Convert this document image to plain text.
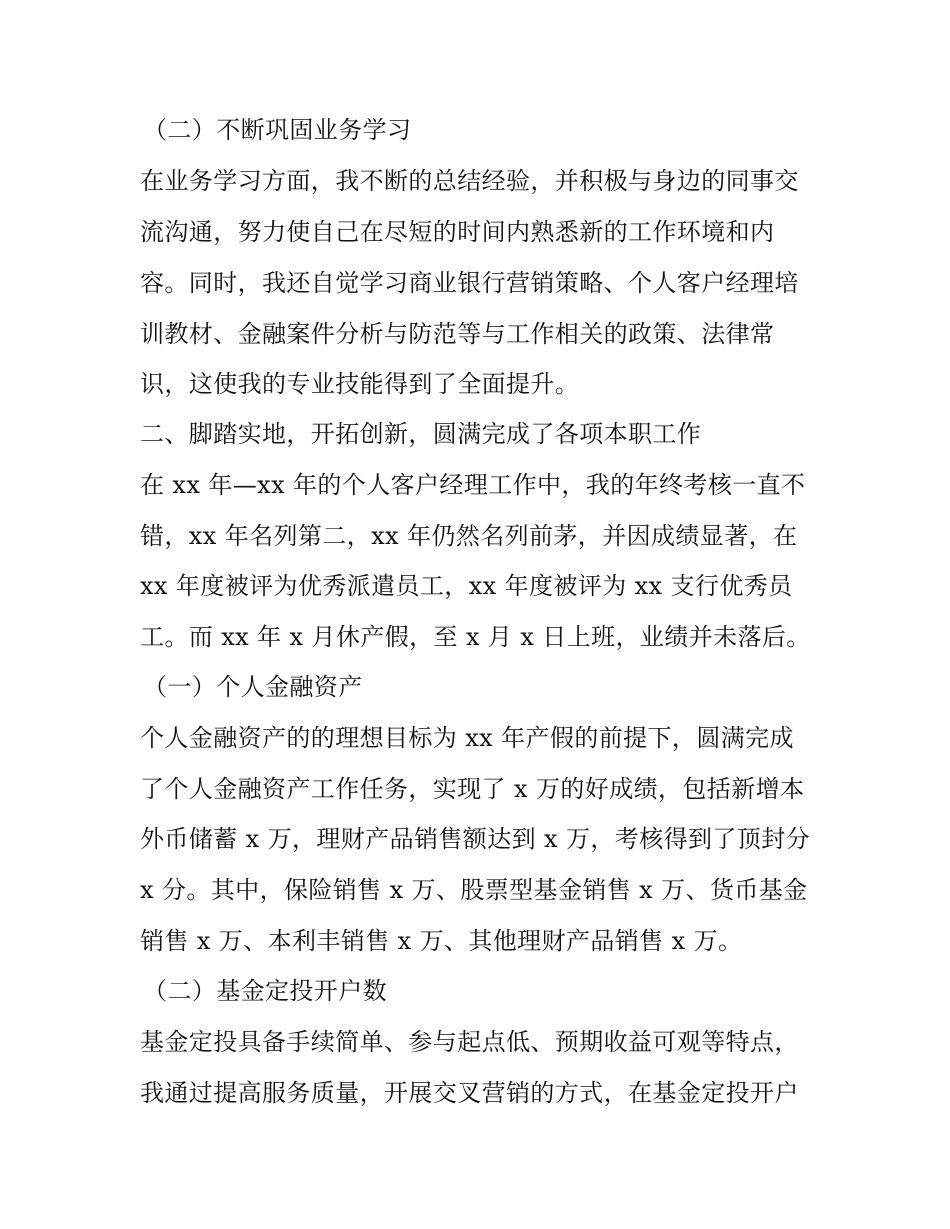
（二）不断巩固业务学习
在业务学习方面，我不断的总结经验，并积极与身边的同事交
流沟通，努力使自己在尽短的时间内熟悉新的工作环境和内
容。同时，我还自觉学习商业银行营销策略、个人客户经理培
训教材、金融案件分析与防范等与工作相关的政策、法律常
识，这使我的专业技能得到了全面提升。
二、脚踏实地，开拓创新，圆满完成了各项本职工作
在 xx 年—xx 年的个人客户经理工作中，我的年终考核一直不
错，xx 年名列第二，xx 年仍然名列前茅，并因成绩显著，在
xx 年度被评为优秀派遣员工，xx 年度被评为 xx 支行优秀员
工。而 xx 年 x 月休产假，至 x 月 x 日上班，业绩并未落后。
（一）个人金融资产
个人金融资产的的理想目标为 xx 年产假的前提下，圆满完成
了个人金融资产工作任务，实现了 x 万的好成绩，包括新增本
外币储蓄 x 万，理财产品销售额达到 x 万，考核得到了顶封分
x 分。其中，保险销售 x 万、股票型基金销售 x 万、货币基金
销售 x 万、本利丰销售 x 万、其他理财产品销售 x 万。
（二）基金定投开户数
基金定投具备手续简单、参与起点低、预期收益可观等特点，
我通过提高服务质量，开展交叉营销的方式，在基金定投开户
